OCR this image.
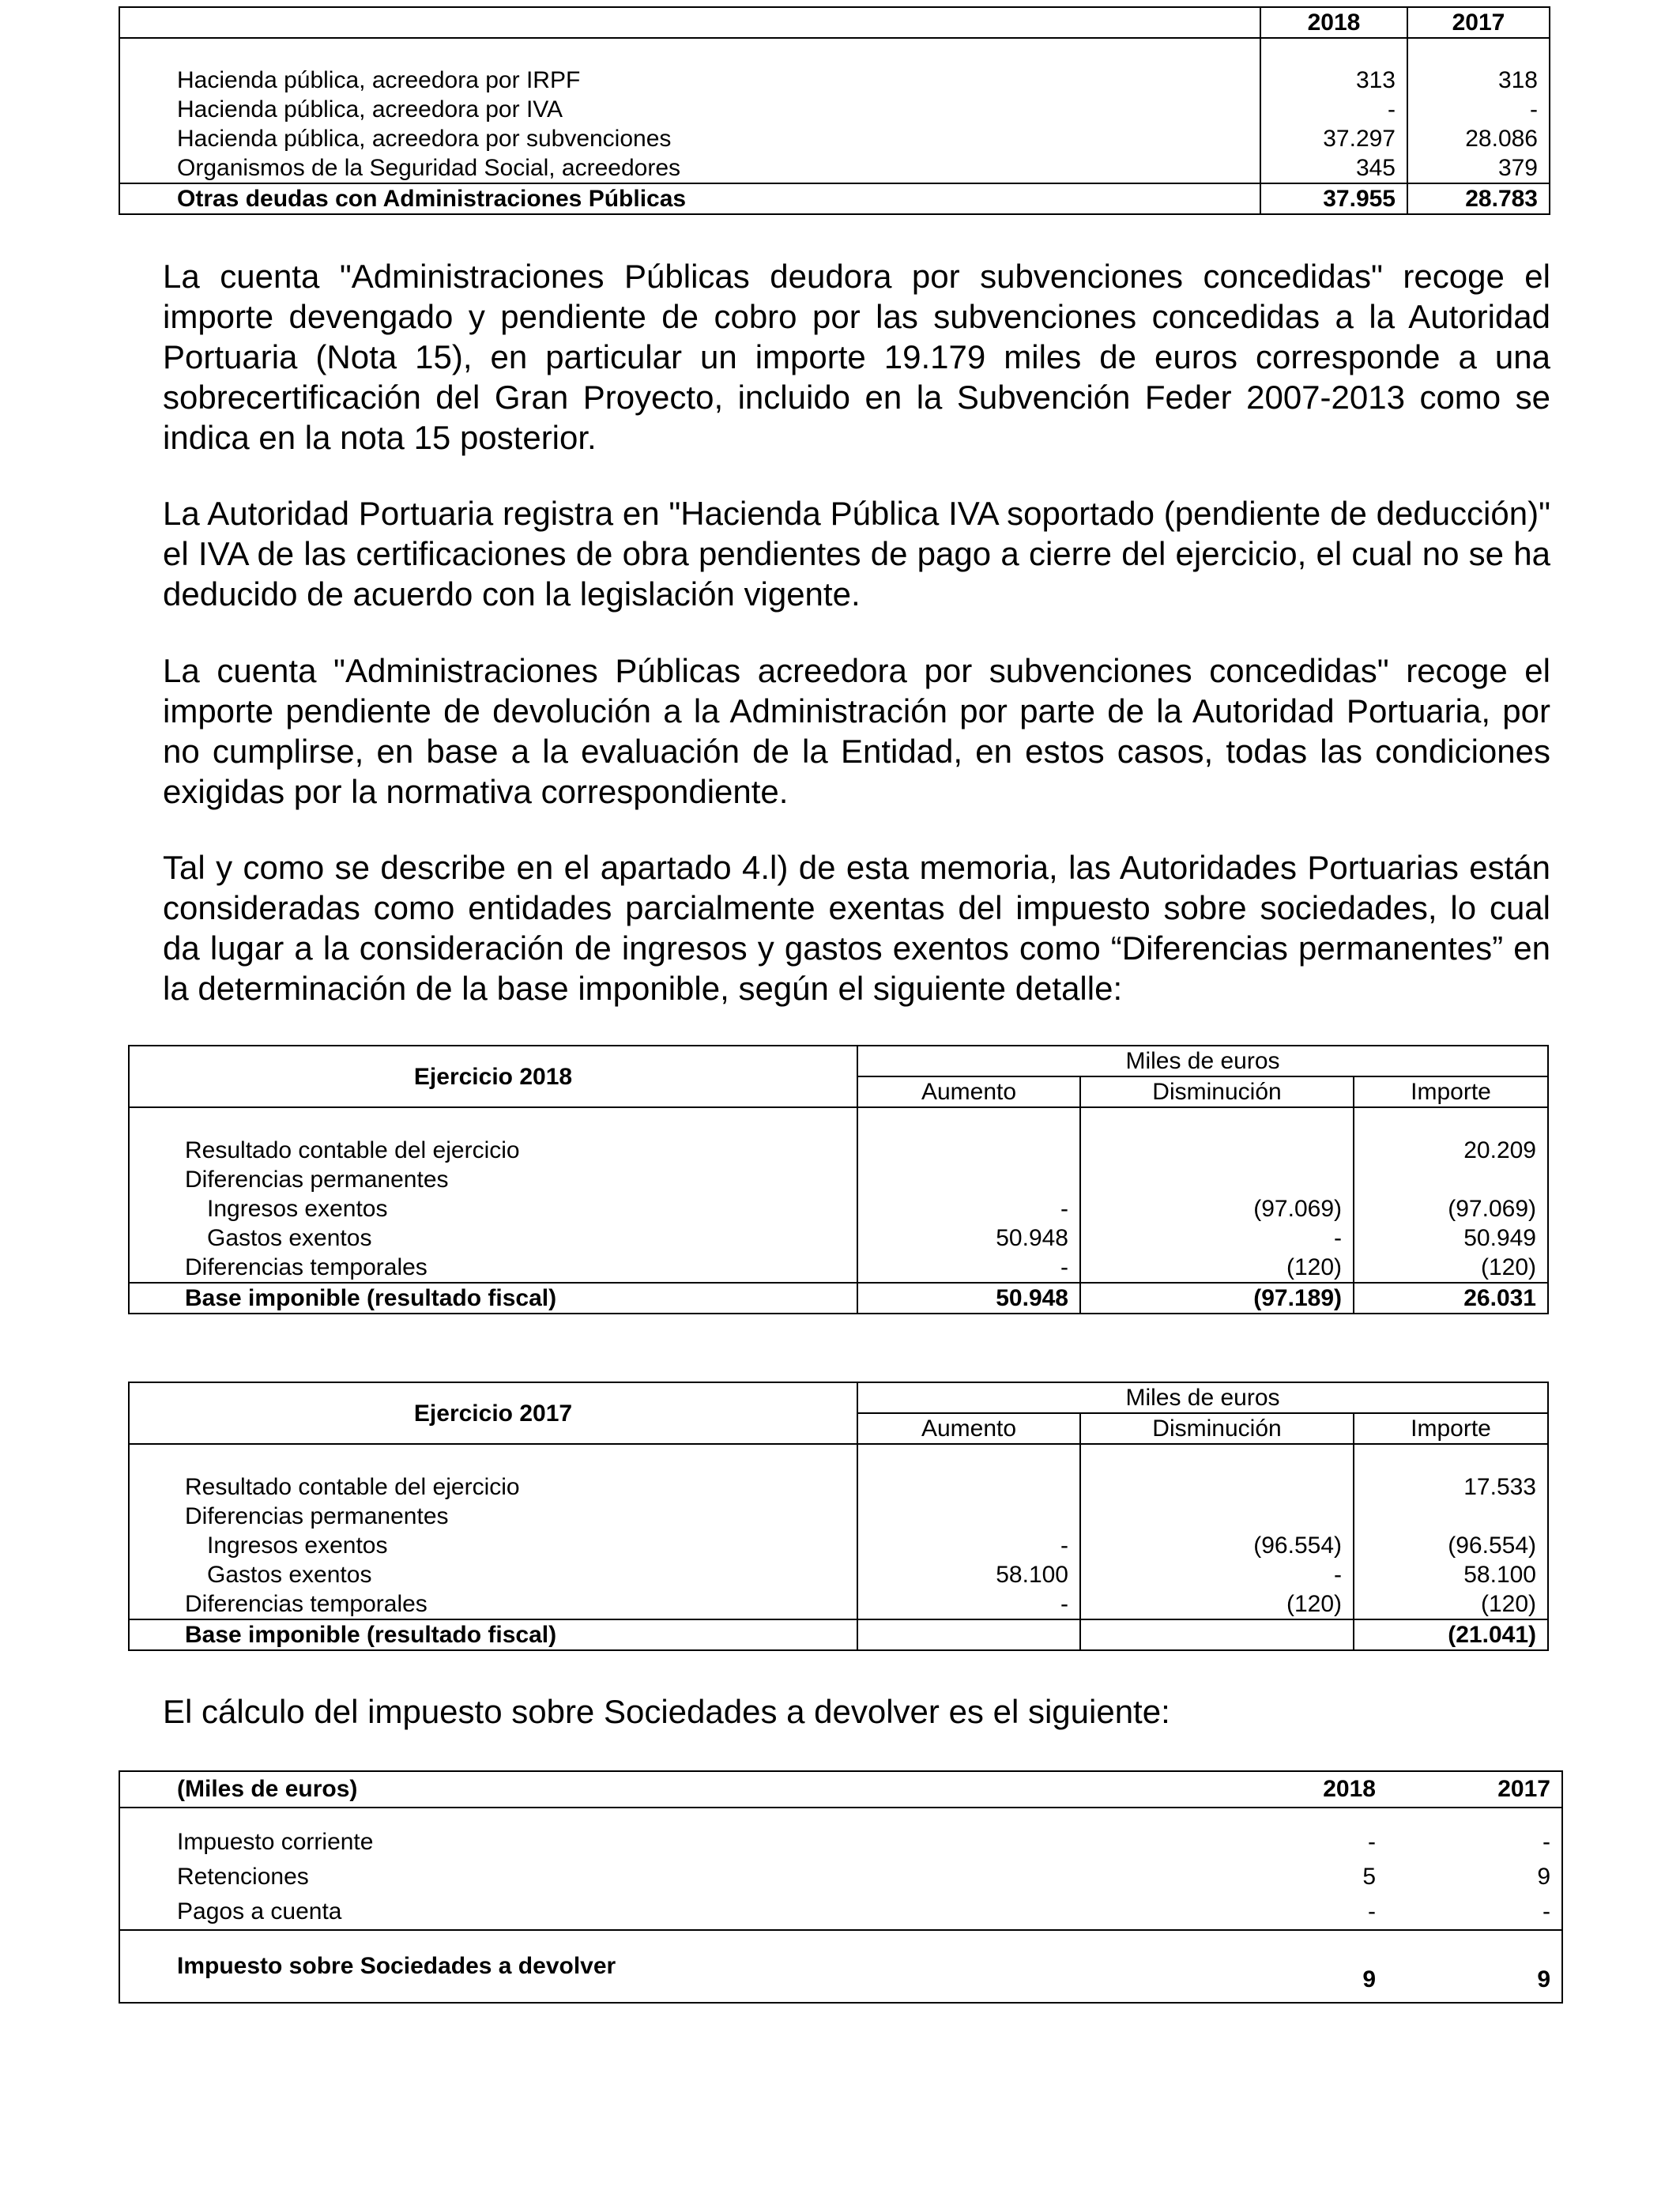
	2018	2017

Hacienda pública, acreedora por IRPF	313	318
Hacienda pública, acreedora por IVA	-	-
Hacienda pública, acreedora por subvenciones	37.297	28.086
Organismos de la Seguridad Social, acreedores	345	379
Otras deudas con Administraciones Públicas	37.955	28.783

La cuenta "Administraciones Públicas deudora por subvenciones concedidas" recoge el importe devengado y pendiente de cobro por las subvenciones concedidas a la Autoridad Portuaria (Nota 15), en particular un importe 19.179 miles de euros corresponde a una sobrecertificación del Gran Proyecto, incluido en la Subvención Feder 2007-2013 como se indica en la nota 15 posterior.

La Autoridad Portuaria registra en "Hacienda Pública IVA soportado (pendiente de deducción)" el IVA de las certificaciones de obra pendientes de pago a cierre del ejercicio, el cual no se ha deducido de acuerdo con la legislación vigente.

La cuenta "Administraciones Públicas acreedora por subvenciones concedidas" recoge el importe pendiente de devolución a la Administración por parte de la Autoridad Portuaria, por no cumplirse, en base a la evaluación de la Entidad, en estos casos, todas las condiciones exigidas por la normativa correspondiente.

Tal y como se describe en el apartado 4.l) de esta memoria, las Autoridades Portuarias están consideradas como entidades parcialmente exentas del impuesto sobre sociedades, lo cual da lugar a la consideración de ingresos y gastos exentos como “Diferencias permanentes” en la determinación de la base imponible, según el siguiente detalle:

El cálculo del impuesto sobre Sociedades a devolver es el siguiente:

Ejercicio 2018	Miles de euros		
	Aumento	Disminución	Importe

Resultado contable del ejercicio			20.209
Diferencias permanentes			
Ingresos exentos	-	(97.069)	(97.069)
Gastos exentos	50.948	-	50.949
Diferencias temporales	-	(120)	(120)
Base imponible (resultado fiscal)	50.948	(97.189)	26.031
Ejercicio 2017	Miles de euros		
	Aumento	Disminución	Importe

Resultado contable del ejercicio			17.533
Diferencias permanentes			
Ingresos exentos	-	(96.554)	(96.554)
Gastos exentos	58.100	-	58.100
Diferencias temporales	-	(120)	(120)
Base imponible (resultado fiscal)			(21.041)
(Miles de euros)	2018	2017

Impuesto corriente	-	-
Retenciones	5	9
Pagos a cuenta	-	-
Impuesto sobre Sociedades a devolver	9	9
